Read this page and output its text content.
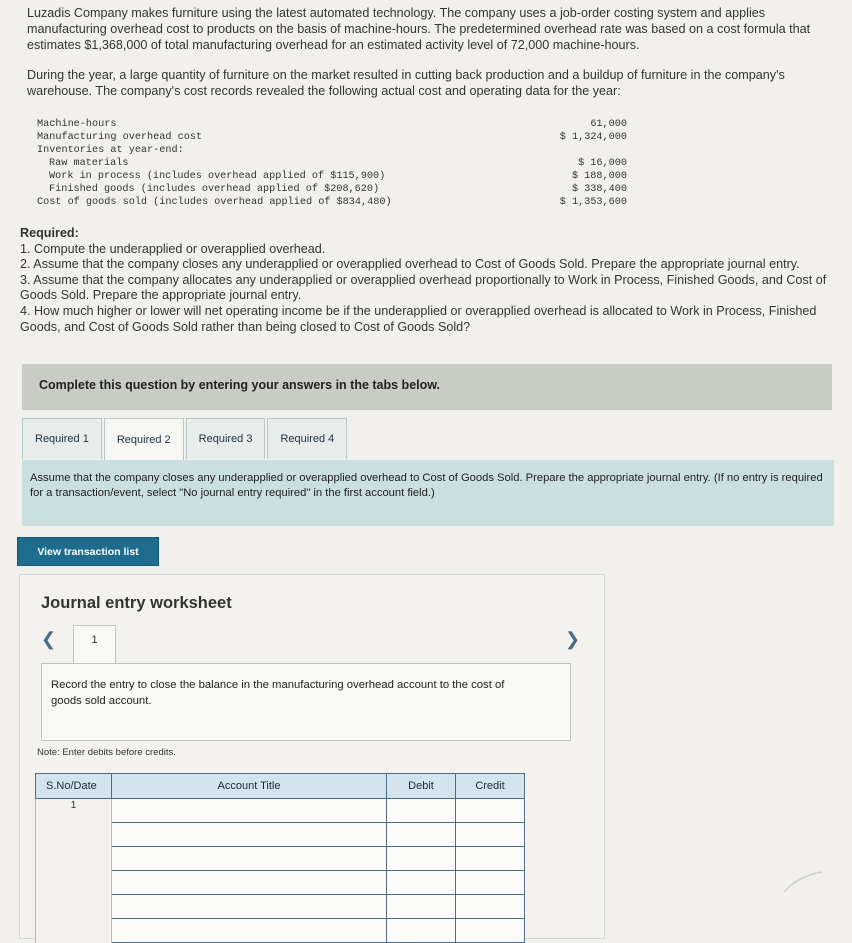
Luzadis Company makes furniture using the latest automated technology. The company uses a job-order costing system and applies manufacturing overhead cost to products on the basis of machine-hours. The predetermined overhead rate was based on a cost formula that estimates $1,368,000 of total manufacturing overhead for an estimated activity level of 72,000 machine-hours.

During the year, a large quantity of furniture on the market resulted in cutting back production and a buildup of furniture in the company's warehouse. The company's cost records revealed the following actual cost and operating data for the year:

Machine-hours	61,000
Manufacturing overhead cost	$ 1,324,000
Inventories at year-end:
Raw materials	$ 16,000
Work in process (includes overhead applied of $115,900)	$ 188,000
Finished goods (includes overhead applied of $208,620)	$ 338,400
Cost of goods sold (includes overhead applied of $834,480)	$ 1,353,600
Required:
1. Compute the underapplied or overapplied overhead.
2. Assume that the company closes any underapplied or overapplied overhead to Cost of Goods Sold. Prepare the appropriate journal entry.
3. Assume that the company allocates any underapplied or overapplied overhead proportionally to Work in Process, Finished Goods, and Cost of Goods Sold. Prepare the appropriate journal entry.
4. How much higher or lower will net operating income be if the underapplied or overapplied overhead is allocated to Work in Process, Finished Goods, and Cost of Goods Sold rather than being closed to Cost of Goods Sold?
Complete this question by entering your answers in the tabs below.
Required 1	Required 2	Required 3	Required 4
Assume that the company closes any underapplied or overapplied overhead to Cost of Goods Sold. Prepare the appropriate journal entry. (If no entry is required for a transaction/event, select "No journal entry required" in the first account field.)
View transaction list
Journal entry worksheet
❮	1	❯
Record the entry to close the balance in the manufacturing overhead account to the cost of goods sold account.
Note: Enter debits before credits.
S.No/Date	Account Title	Debit	Credit
1			
